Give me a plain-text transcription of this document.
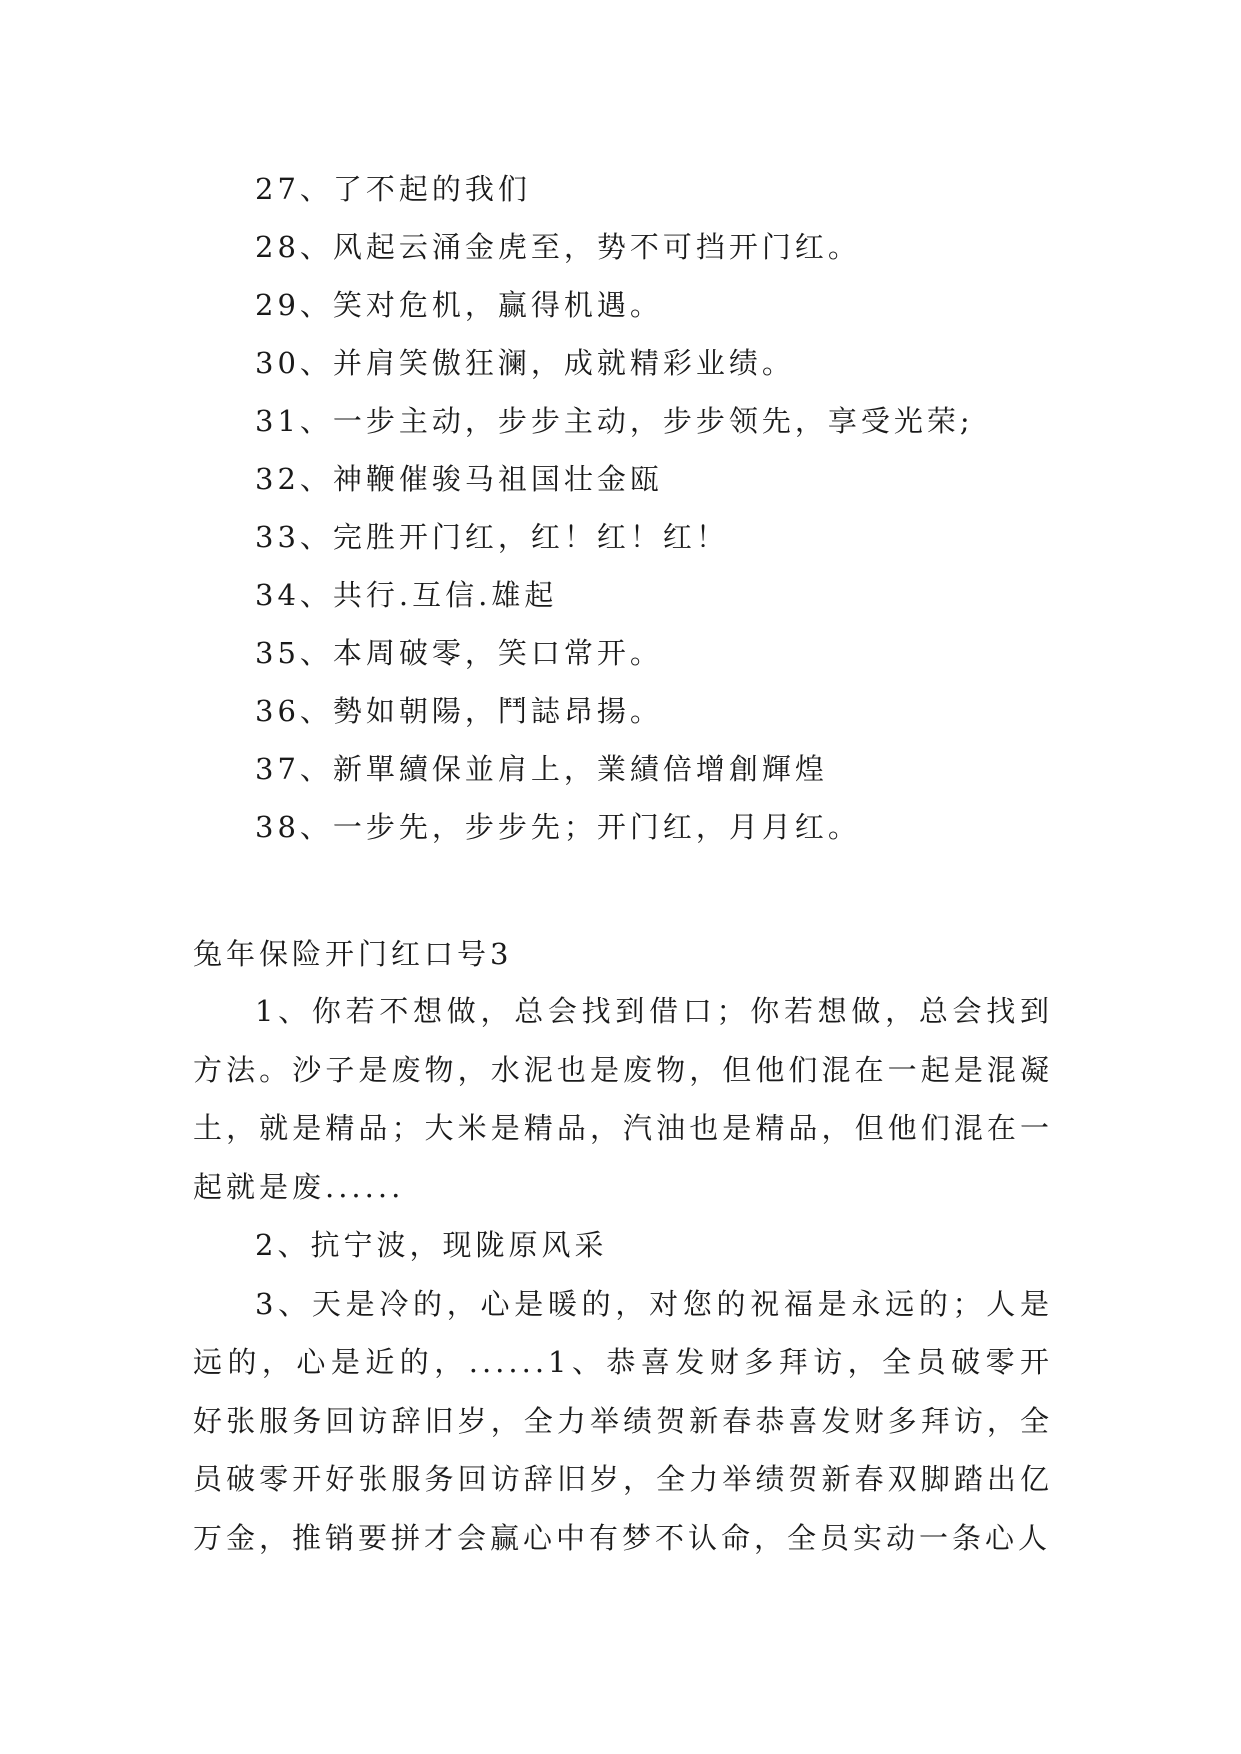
27、了不起的我们
28、风起云涌金虎至，势不可挡开门红。
29、笑对危机，赢得机遇。
30、并肩笑傲狂澜，成就精彩业绩。
31、一步主动，步步主动，步步领先，享受光荣;
32、神鞭催骏马祖国壮金瓯
33、完胜开门红，红！红！红！
34、共行.互信.雄起
35、本周破零，笑口常开。
36、勢如朝陽，鬥誌昂揚。
37、新單續保並肩上，業績倍增創輝煌
38、一步先，步步先；开门红，月月红。
兔年保险开门红口号3

1、你若不想做，总会找到借口；你若想做，总会找到方法。沙子是废物，水泥也是废物，但他们混在一起是混凝土，就是精品；大米是精品，汽油也是精品，但他们混在一起就是废......

2、抗宁波，现陇原风采

3、天是冷的，心是暖的，对您的祝福是永远的；人是远的，心是近的，......1、恭喜发财多拜访，全员破零开好张服务回访辞旧岁，全力举绩贺新春恭喜发财多拜访，全员破零开好张服务回访辞旧岁，全力举绩贺新春双脚踏出亿万金，推销要拼才会赢心中有梦不认命，全员实动一条心人
